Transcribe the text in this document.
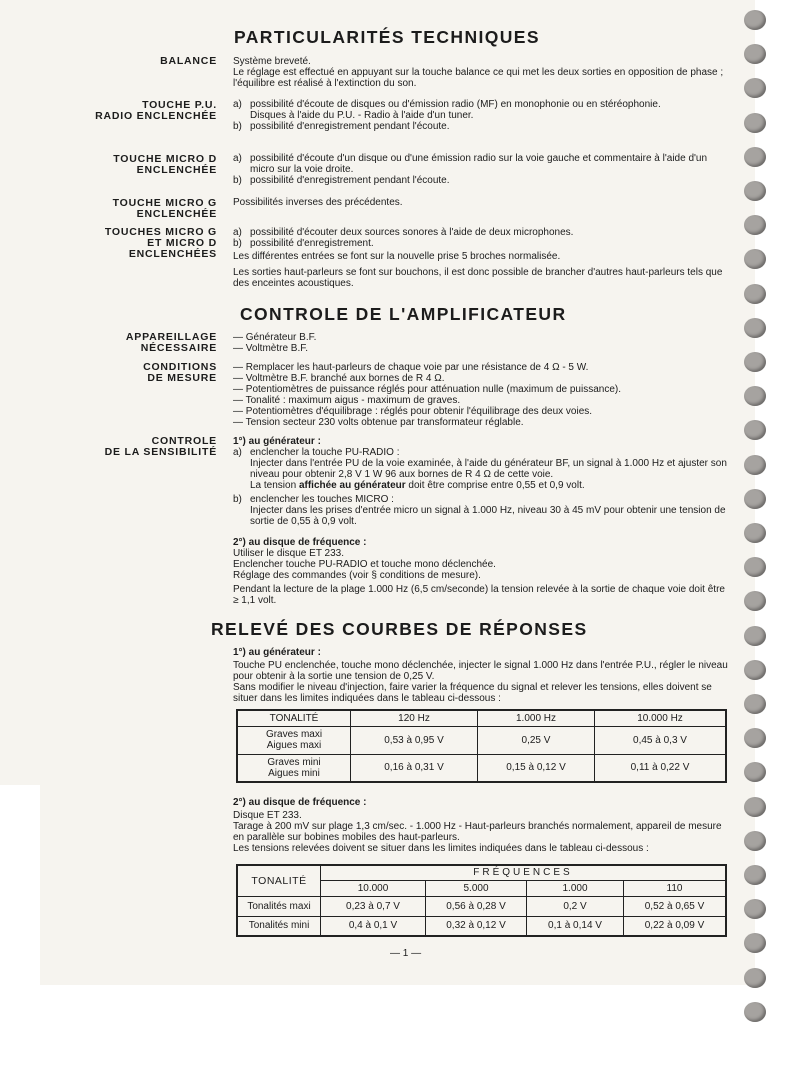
PARTICULARITÉS TECHNIQUES

BALANCE Système breveté.
Le réglage est effectué en appuyant sur la touche balance ce qui met les deux sorties en opposition de phase ; l'équilibre est réalisé à l'extinction du son.
TOUCHE P.U.
RADIO ENCLENCHÉE
a) possibilité d'écoute de disques ou d'émission radio (MF) en monophonie ou en stéréophonie.
Disques à l'aide du P.U. - Radio à l'aide d'un tuner.
b) possibilité d'enregistrement pendant l'écoute.
TOUCHE MICRO D
ENCLENCHÉE
a) possibilité d'écoute d'un disque ou d'une émission radio sur la voie gauche et commentaire à l'aide d'un micro sur la voie droite.
b) possibilité d'enregistrement pendant l'écoute.
TOUCHE MICRO G
ENCLENCHÉE
Possibilités inverses des précédentes.
TOUCHES MICRO G
ET MICRO D
ENCLENCHÉES
a) possibilité d'écouter deux sources sonores à l'aide de deux microphones.
b) possibilité d'enregistrement.
Les différentes entrées se font sur la nouvelle prise 5 broches normalisée.
Les sorties haut-parleurs se font sur bouchons, il est donc possible de brancher d'autres haut-parleurs tels que des enceintes acoustiques.
CONTROLE DE L'AMPLIFICATEUR
APPAREILLAGE
NÉCESSAIRE
— Générateur B.F.
— Voltmètre B.F.
CONDITIONS
DE MESURE
— Remplacer les haut-parleurs de chaque voie par une résistance de 4 Ω - 5 W.
— Voltmètre B.F. branché aux bornes de R 4 Ω.
— Potentiomètres de puissance réglés pour atténuation nulle (maximum de puissance).
— Tonalité : maximum aigus - maximum de graves.
— Potentiomètres d'équilibrage : réglés pour obtenir l'équilibrage des deux voies.
— Tension secteur 230 volts obtenue par transformateur réglable.
CONTROLE
DE LA SENSIBILITÉ
1°) au générateur :
a) enclencher la touche PU-RADIO :
Injecter dans l'entrée PU de la voie examinée, à l'aide du générateur BF, un signal à 1.000 Hz et ajuster son niveau pour obtenir 2,8 V 1 W 96 aux bornes de R 4 Ω de cette voie.
La tension affichée au générateur doit être comprise entre 0,55 et 0,9 volt.
b) enclencher les touches MICRO :
Injecter dans les prises d'entrée micro un signal à 1.000 Hz, niveau 30 à 45 mV pour obtenir une tension de sortie de 0,55 à 0,9 volt.
2°) au disque de fréquence :
Utiliser le disque ET 233.
Enclencher touche PU-RADIO et touche mono déclenchée.
Réglage des commandes (voir § conditions de mesure).
Pendant la lecture de la plage 1.000 Hz (6,5 cm/seconde) la tension relevée à la sortie de chaque voie doit être ≥ 1,1 volt.
RELEVÉ DES COURBES DE RÉPONSES
1°) au générateur :
Touche PU enclenchée, touche mono déclenchée, injecter le signal 1.000 Hz dans l'entrée P.U., régler le niveau pour obtenir à la sortie une tension de 0,25 V.
Sans modifier le niveau d'injection, faire varier la fréquence du signal et relever les tensions, elles doivent se situer dans les limites indiquées dans le tableau ci-dessous :
TONALITÉ	120 Hz	1.000 Hz	10.000 Hz

Graves maxi
Aigues maxi	0,53 à 0,95 V	0,25 V	0,45 à 0,3 V

Graves mini
Aigues mini	0,16 à 0,31 V	0,15 à 0,12 V	0,11 à 0,22 V
2°) au disque de fréquence :
Disque ET 233.
Tarage à 200 mV sur plage 1,3 cm/sec. - 1.000 Hz - Haut-parleurs branchés normalement, appareil de mesure en parallèle sur bobines mobiles des haut-parleurs.
Les tensions relevées doivent se situer dans les limites indiquées dans le tableau ci-dessous :
TONALITÉ	FRÉQUENCES			
	10.000	5.000	1.000	110
Tonalités maxi	0,23 à 0,7 V	0,56 à 0,28 V	0,2 V	0,52 à 0,65 V
Tonalités mini	0,4 à 0,1 V	0,32 à 0,12 V	0,1 à 0,14 V	0,22 à 0,09 V
— 1 —
